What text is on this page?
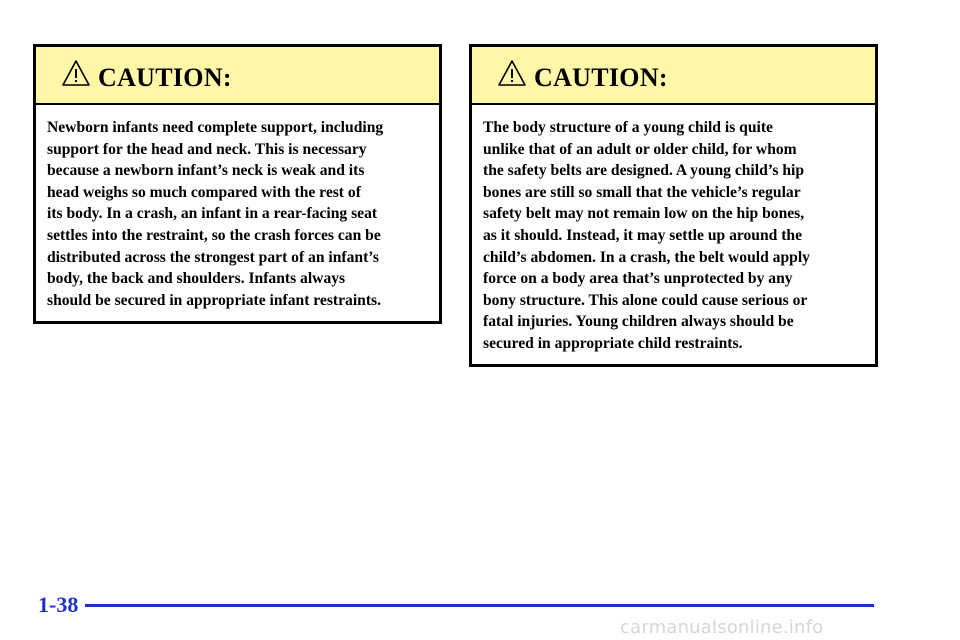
CAUTION:
Newborn infants need complete support, including
support for the head and neck. This is necessary
because a newborn infant’s neck is weak and its
head weighs so much compared with the rest of
its body. In a crash, an infant in a rear-facing seat
settles into the restraint, so the crash forces can be
distributed across the strongest part of an infant’s
body, the back and shoulders. Infants always
should be secured in appropriate infant restraints.
CAUTION:
The body structure of a young child is quite
unlike that of an adult or older child, for whom
the safety belts are designed. A young child’s hip
bones are still so small that the vehicle’s regular
safety belt may not remain low on the hip bones,
as it should. Instead, it may settle up around the
child’s abdomen. In a crash, the belt would apply
force on a body area that’s unprotected by any
bony structure. This alone could cause serious or
fatal injuries. Young children always should be
secured in appropriate child restraints.
1-38
carmanualsonline.info
